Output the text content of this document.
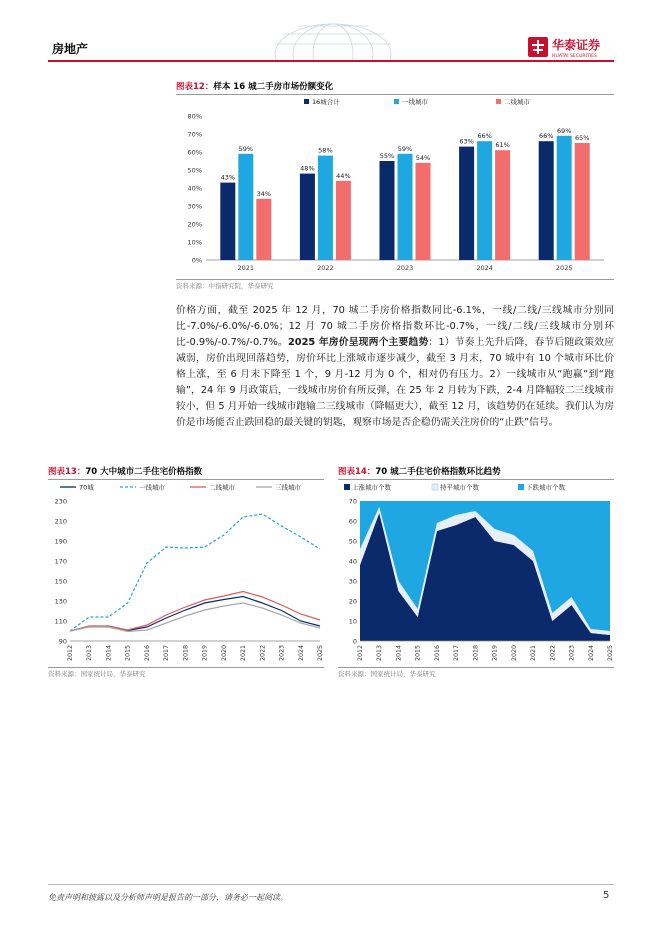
房地产	华泰证券
HUATAI SECURITIES
图表12：样本 16 城二手房市场份额变化
0%
10%
20%
30%
40%
50%
60%
70%
80%
2021
43%
59%
34%
2022
48%
58%
44%
2023
55%
59%
54%
2024
63%
66%
61%
2025
66%
69%
65%
16城合计	一线城市	二线城市
资料来源：中指研究院，华泰研究
价格方面，截至 2025 年 12 月，70 城二手房价格指数同比-6.1%，一线/二线/三线城市分别同比-7.0%/-6.0%/-6.0%；12 月 70 城二手房价格指数环比-0.7%，一线/二线/三线城市分别环比-0.9%/-0.7%/-0.7%。2025 年房价呈现两个主要趋势：1）节奏上先升后降，春节后随政策效应减弱，房价出现回落趋势，房价环比上涨城市逐步减少，截至 3 月末，70 城中有 10 个城市环比价格上涨，至 6 月末下降至 1 个，9 月-12 月为 0 个，相对仍有压力。2）一线城市从“跑赢”到“跑输”，24 年 9 月政策后，一线城市房价有所反弹，在 25 年 2 月转为下跌，2-4 月降幅较二三线城市较小，但 5 月开始一线城市跑输二三线城市（降幅更大），截至 12 月，该趋势仍在延续。我们认为房价是市场能否止跌回稳的最关键的钥匙，观察市场是否企稳仍需关注房价的“止跌”信号。
图表13：70 大中城市二手住宅价格指数
90
110
130
150
170
190
210
230
2012 2013 2014 2015 2016 2017 2018 2019 2020 2021 2022 2023 2024 2025
70城	一线城市	二线城市	三线城市
资料来源：国家统计局，华泰研究
图表14：70 城二手住宅价格指数环比趋势
0
10
20
30
40
50
60
70
2012 2013 2014 2015 2016 2017 2018 2019 2020 2021 2022 2023 2024 2025
上涨城市个数	持平城市个数	下跌城市个数
资料来源：国家统计局，华泰研究
免责声明和披露以及分析师声明是报告的一部分，请务必一起阅读。	5
